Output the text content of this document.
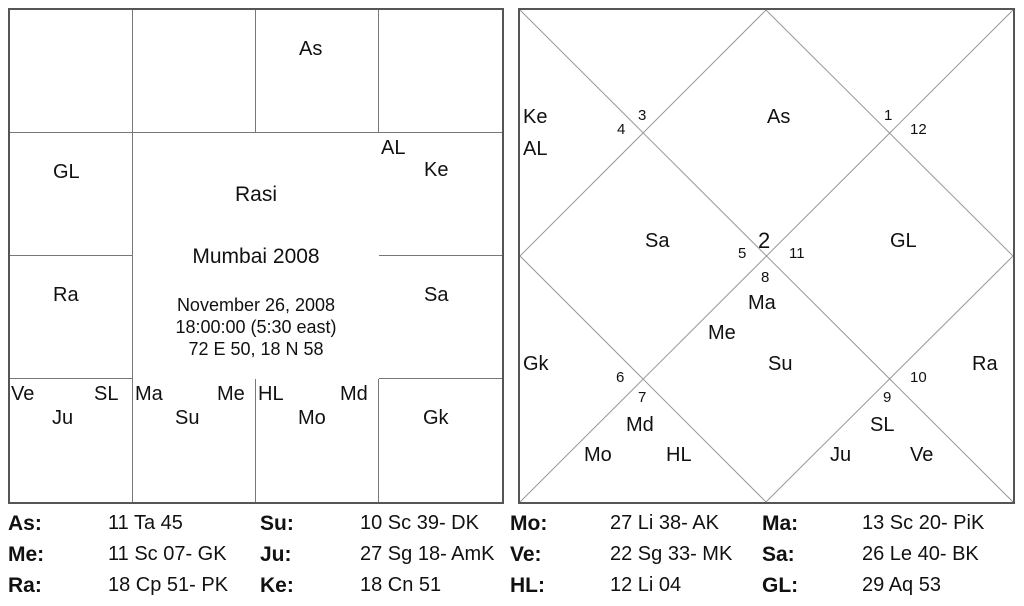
As
GL
AL
Ke
Ra	Sa
Ve	SL
Ju
Ma	Me
Su
HL	Md
Mo	Gk
Rasi
Mumbai 2008
November 26, 2008
18:00:00 (5:30 east)
72 E 50, 18 N 58
2
3
4
5
6
7
8
9
10
11
12
1
As
Ke
AL
Sa
Gk
Md
Mo	HL
Ma
Me
Su
SL
Ju	Ve
Ra
GL
As:	11 Ta 45	Su:	10 Sc 39- DK Mo:	27 Li 38- AK Ma:	13 Sc 20- PiK
Me:	11 Sc 07- GK Ju:	27 Sg 18- AmK Ve:	22 Sg 33- MK Sa:	26 Le 40- BK
Ra:	18 Cp 51- PK Ke:	18 Cn 51	HL:	12 Li 04	GL:	29 Aq 53
